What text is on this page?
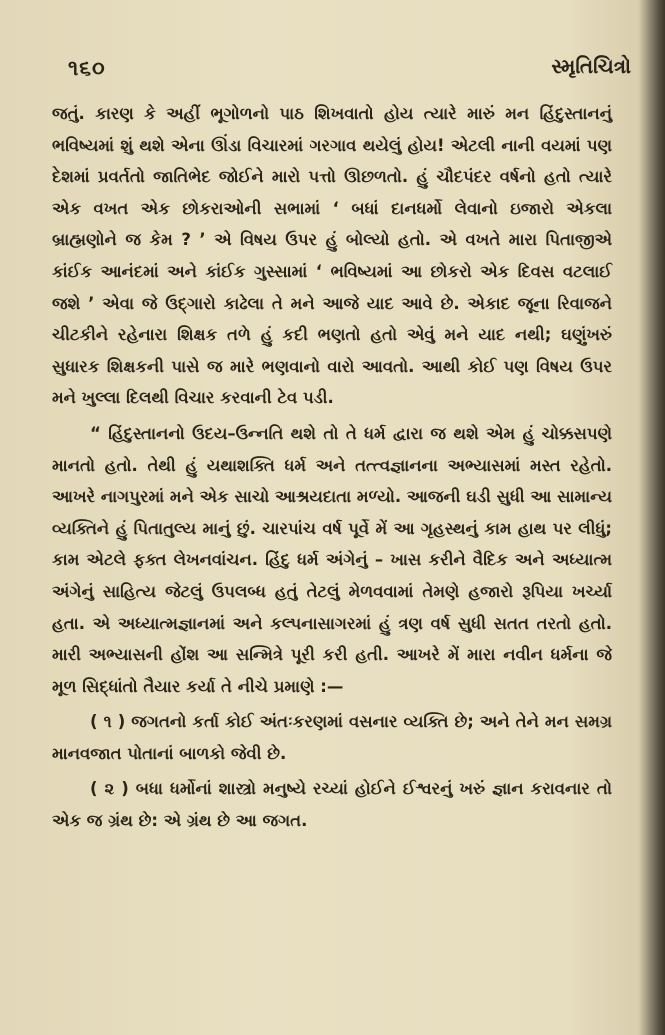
૧૬૦	સ્મૃતિચિત્રો

જતું. કારણ કે અહીં ભૂગોળનો પાઠ શિખવાતો હોય ત્યારે મારું મન હિંદુસ્તાનનું ભવિષ્યમાં શું થશે એના ઊંડા વિચારમાં ગરગાવ થયેલું હોય! એટલી નાની વયમાં પણ દેશમાં પ્રવર્તતો જાતિભેદ જોઈને મારો પત્તો ઊછળતો. હું ચૌદપંદર વર્ષનો હતો ત્યારે એક વખત એક છોકરાઓની સભામાં ‘ બધાં દાનધર્મો લેવાનો ઇજારો એકલા બ્રાહ્મણોને જ કેમ ? ’ એ વિષય ઉપર હું બોલ્યો હતો. એ વખતે મારા પિતાજીએ કાંઈક આનંદમાં અને કાંઈક ગુસ્સામાં ‘ ભવિષ્યમાં આ છોકરો એક દિવસ વટલાઈ જશે ’ એવા જે ઉદ્ગારો કાઢેલા તે મને આજે યાદ આવે છે. એકાદ જૂના રિવાજને ચીટકીને રહેનારા શિક્ષક તળે હું કદી ભણતો હતો એવું મને યાદ નથી; ઘણુંખરું સુધારક શિક્ષકની પાસે જ મારે ભણવાનો વારો આવતો. આથી કોઈ પણ વિષય ઉપર મને ખુલ્લા દિલથી વિચાર કરવાની ટેવ પડી.

“ હિંદુસ્તાનનો ઉદય–ઉન્નતિ થશે તો તે ધર્મ દ્વારા જ થશે એમ હું ચોક્કસપણે માનતો હતો. તેથી હું યથાશક્તિ ધર્મ અને તત્ત્વજ્ઞાનના અભ્યાસમાં મસ્ત રહેતો. આખરે નાગપુરમાં મને એક સાચો આશ્રયદાતા મળ્યો. આજની ઘડી સુધી આ સામાન્ય વ્યક્તિને હું પિતાતુલ્ય માનું છું. ચારપાંચ વર્ષ પૂર્વે મેં આ ગૃહસ્થનું કામ હાથ પર લીધું; કામ એટલે ફક્ત લેખનવાંચન. હિંદુ ધર્મ અંગેનું – ખાસ કરીને વૈદિક અને અધ્યાત્મ અંગેનું સાહિત્ય જેટલું ઉપલબ્ધ હતું તેટલું મેળવવામાં તેમણે હજારો રૂપિયા ખર્ચ્યા હતા. એ અધ્યાત્મજ્ઞાનમાં અને કલ્પનાસાગરમાં હું ત્રણ વર્ષ સુધી સતત તરતો હતો. મારી અભ્યાસની હોંશ આ સન્મિત્રે પૂરી કરી હતી. આખરે મેં મારા નવીન ધર્મના જે મૂળ સિદ્ધાંતો તૈયાર કર્યા તે નીચે પ્રમાણે :—

( ૧ ) જગતનો કર્તા કોઈ અંતઃકરણમાં વસનાર વ્યક્તિ છે; અને તેને મન સમગ્ર માનવજાત પોતાનાં બાળકો જેવી છે.

( ૨ ) બધા ધર્મોનાં શાસ્ત્રો મનુષ્યે રચ્યાં હોઈને ઈશ્વરનું ખરું જ્ઞાન કરાવનાર તો એક જ ગ્રંથ છે: એ ગ્રંથ છે આ જગત.
